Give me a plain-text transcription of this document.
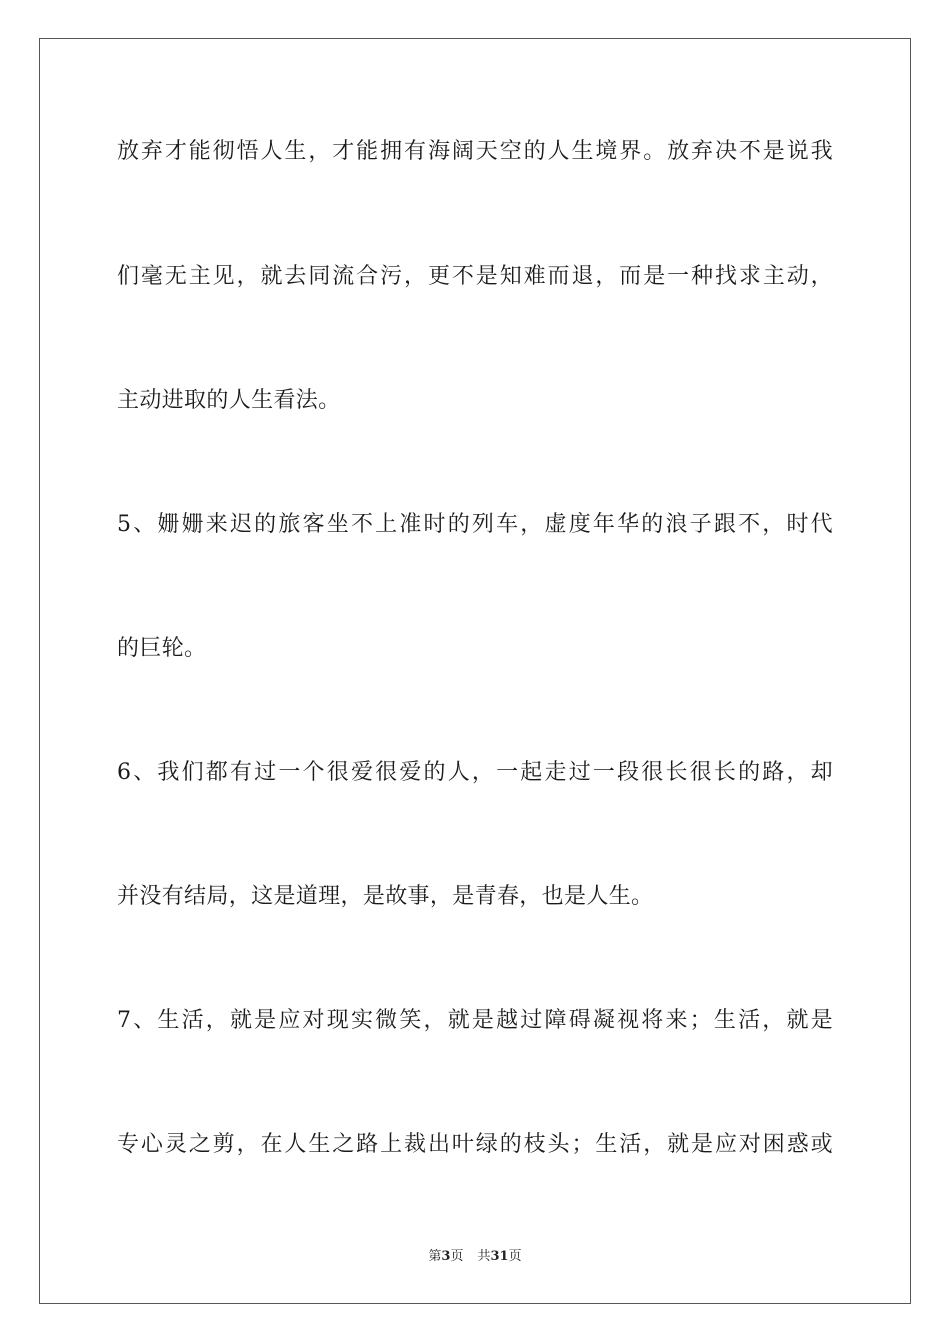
放弃才能彻悟人生，才能拥有海阔天空的人生境界。放弃决不是说我
们毫无主见，就去同流合污，更不是知难而退，而是一种找求主动，
主动进取的人生看法。
5、姗姗来迟的旅客坐不上准时的列车，虚度年华的浪子跟不，时代
的巨轮。
6、我们都有过一个很爱很爱的人，一起走过一段很长很长的路，却
并没有结局，这是道理，是故事，是青春，也是人生。
7、生活，就是应对现实微笑，就是越过障碍凝视将来；生活，就是
专心灵之剪，在人生之路上裁出叶绿的枝头；生活，就是应对困惑或
第3页 共31页
